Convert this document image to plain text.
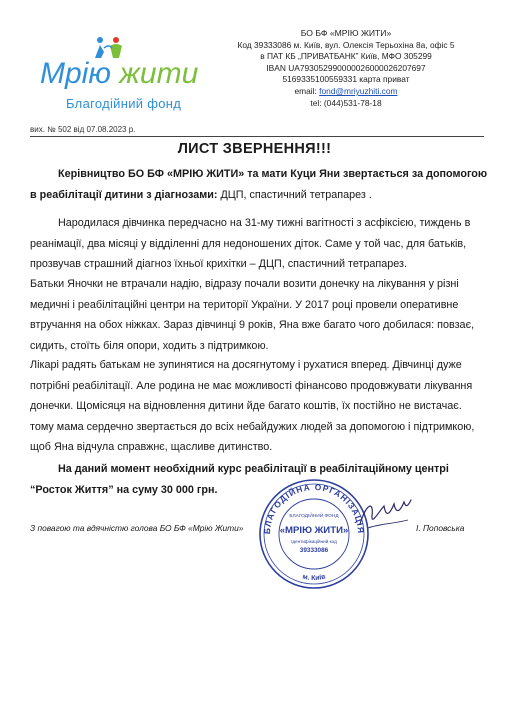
Мрію жити
Благодійний фонд
БО БФ «МРІЮ ЖИТИ»
Код 39333086 м. Київ, вул. Олексія Терьохіна 8а, офіс 5
в ПАТ КБ „ПРИВАТБАНК” Київ, МФО 305299
IBAN UA793052990000026000026207697
5169335100559331 карта приват
email: fond@mriyuzhiti.com
tel: (044)531-78-18
вих. № 502 від 07.08.2023 р.
ЛИСТ ЗВЕРНЕННЯ!!!
Керівництво БО БФ «МРІЮ ЖИТИ» та мати Куци Яни звертається за допомогою в реабілітації дитини з діагнозами: ДЦП, спастичний тетрапарез .
Народилася дівчинка передчасно на 31-му тижні вагітності з асфіксією, тиждень в реанімації, два місяці у відділенні для недоношених діток. Саме у той час, для батьків, прозвучав страшний діагноз їхньої крихітки – ДЦП, спастичний тетрапарез.
Батьки Яночки не втрачали надію, відразу почали возити донечку на лікування у різні медичні і реабілітаційні центри на території України. У 2017 році провели оперативне втручання на обох ніжках. Зараз дівчинці 9 років, Яна вже багато чого добилася: повзає, сидить, стоїть біля опори, ходить з підтримкою.
Лікарі радять батькам не зупинятися на досягнутому і рухатися вперед. Дівчинці дуже потрібні реабілітації. Але родина не має можливості фінансово продовжувати лікування донечки. Щомісяця на відновлення дитини йде багато коштів, їх постійно не вистачає. тому мама сердечно звертається до всіх небайдужих людей за допомогою і підтримкою, щоб Яна відчула справжнє, щасливе дитинство.
На даний момент необхідний курс реабілітації в реабілітаційному центрі “Росток Життя” на суму 30 000 грн.
БЛАГОДІЙНА ОРГАНІЗАЦІЯ
м. Київ
БЛАГОДІЙНИЙ ФОНД
«МРІЮ ЖИТИ»
Ідентифікаційний код
39333086
З повагою та вдячністю голова БО БФ «Мрію Жити»	І. Поповська
